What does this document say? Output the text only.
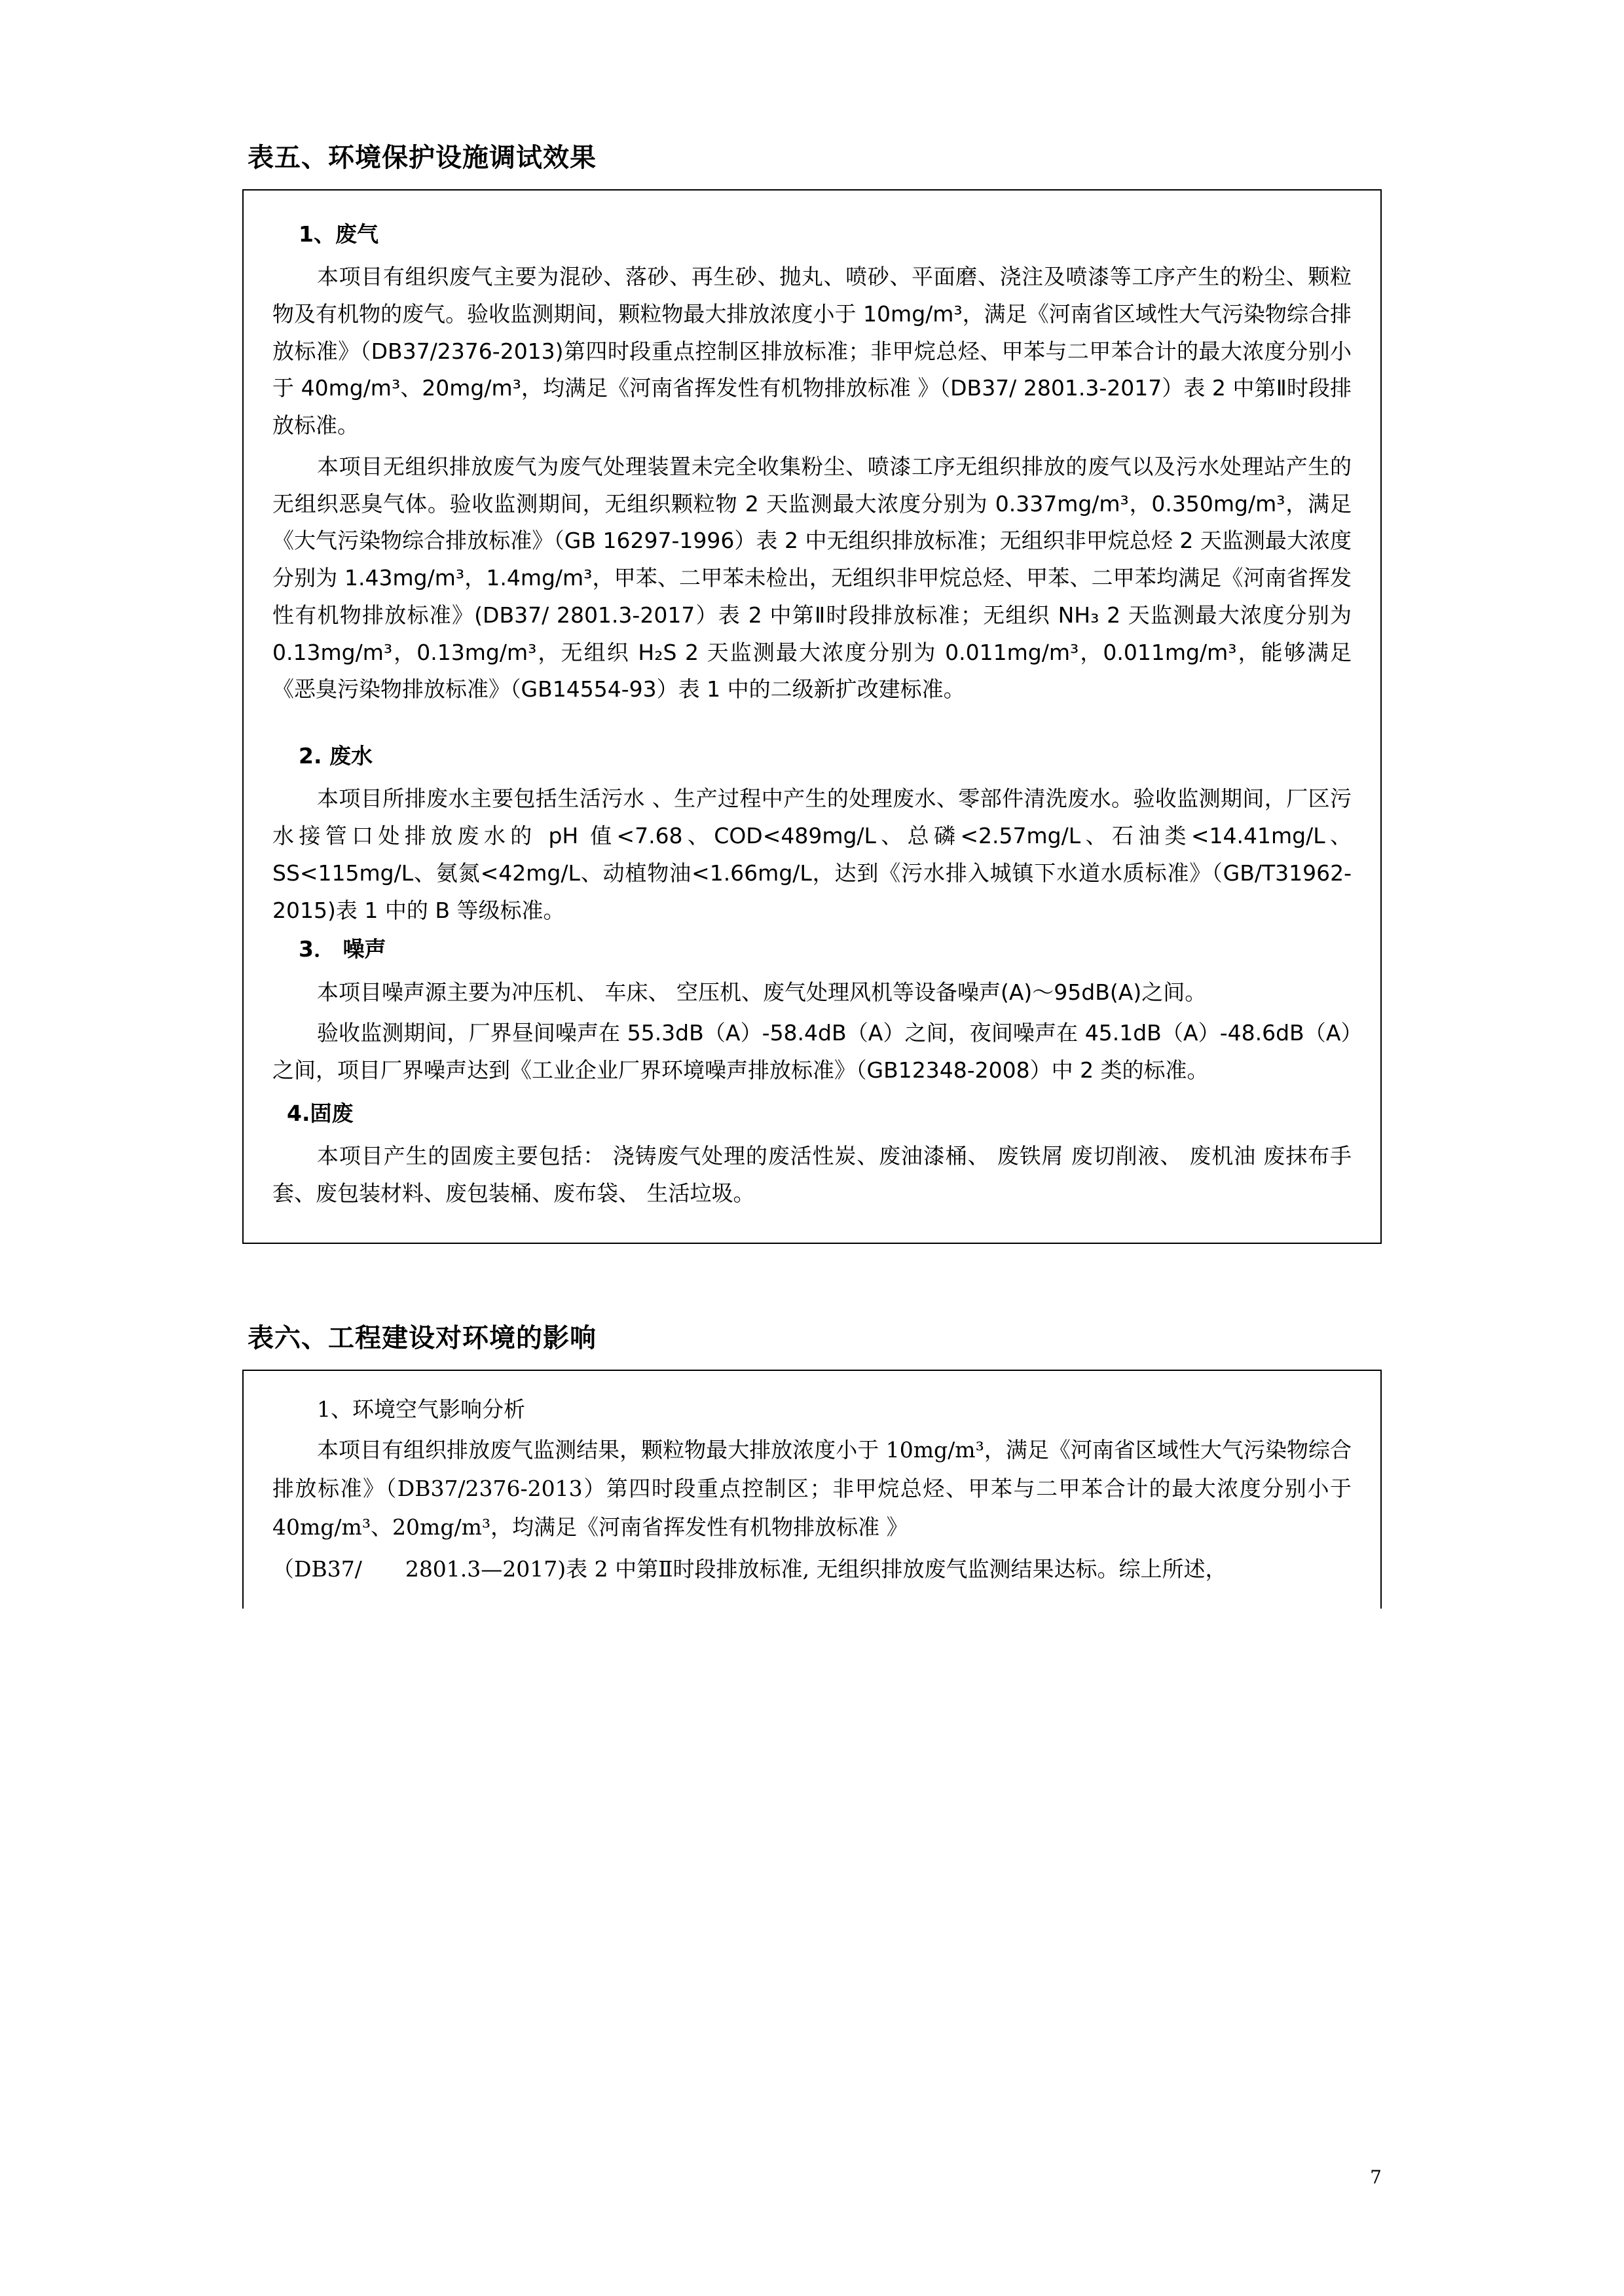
表五、环境保护设施调试效果
1、废气

本项目有组织废气主要为混砂、落砂、再生砂、抛丸、喷砂、平面磨、浇注及喷漆等工序产生的粉尘、颗粒物及有机物的废气。验收监测期间，颗粒物最大排放浓度小于 10mg/m³，满足《河南省区域性大气污染物综合排放标准》（DB37/2376-2013)第四时段重点控制区排放标准；非甲烷总烃、甲苯与二甲苯合计的最大浓度分别小于 40mg/m³、20mg/m³，均满足《河南省挥发性有机物排放标准 》（DB37/ 2801.3-2017）表 2 中第Ⅱ时段排放标准。

本项目无组织排放废气为废气处理装置未完全收集粉尘、喷漆工序无组织排放的废气以及污水处理站产生的无组织恶臭气体。验收监测期间，无组织颗粒物 2 天监测最大浓度分别为 0.337mg/m³，0.350mg/m³，满足《大气污染物综合排放标准》（GB 16297-1996）表 2 中无组织排放标准；无组织非甲烷总烃 2 天监测最大浓度分别为 1.43mg/m³，1.4mg/m³，甲苯、二甲苯未检出，无组织非甲烷总烃、甲苯、二甲苯均满足《河南省挥发性有机物排放标准》(DB37/ 2801.3-2017）表 2 中第Ⅱ时段排放标准；无组织 NH₃ 2 天监测最大浓度分别为 0.13mg/m³，0.13mg/m³，无组织 H₂S 2 天监测最大浓度分别为 0.011mg/m³，0.011mg/m³，能够满足《恶臭污染物排放标准》（GB14554-93）表 1 中的二级新扩改建标准。

2. 废水

本项目所排废水主要包括生活污水 、生产过程中产生的处理废水、零部件清洗废水。验收监测期间，厂区污水接管口处排放废水的 pH 值<7.68、COD<489mg/L、总磷<2.57mg/L、石油类<14.41mg/L、SS<115mg/L、氨氮<42mg/L、动植物油<1.66mg/L，达到《污水排入城镇下水道水质标准》（GB/T31962-2015)表 1 中的 B 等级标准。

3． 噪声

本项目噪声源主要为冲压机、 车床、 空压机、废气处理风机等设备噪声(A)～95dB(A)之间。

验收监测期间，厂界昼间噪声在 55.3dB（A）-58.4dB（A）之间，夜间噪声在 45.1dB（A）-48.6dB（A）之间，项目厂界噪声达到《工业企业厂界环境噪声排放标准》（GB12348-2008）中 2 类的标准。

4.固废

本项目产生的固废主要包括： 浇铸废气处理的废活性炭、废油漆桶、 废铁屑 废切削液、 废机油 废抹布手套、废包装材料、废包装桶、废布袋、 生活垃圾。

表六、工程建设对环境的影响
1、环境空气影响分析

本项目有组织排放废气监测结果，颗粒物最大排放浓度小于 10mg/m³，满足《河南省区域性大气污染物综合排放标准》（DB37/2376-2013）第四时段重点控制区；非甲烷总烃、甲苯与二甲苯合计的最大浓度分别小于 40mg/m³、20mg/m³，均满足《河南省挥发性有机物排放标准 》

（DB37/　　2801.3—2017)表 2 中第Ⅱ时段排放标准, 无组织排放废气监测结果达标。综上所述，

7
